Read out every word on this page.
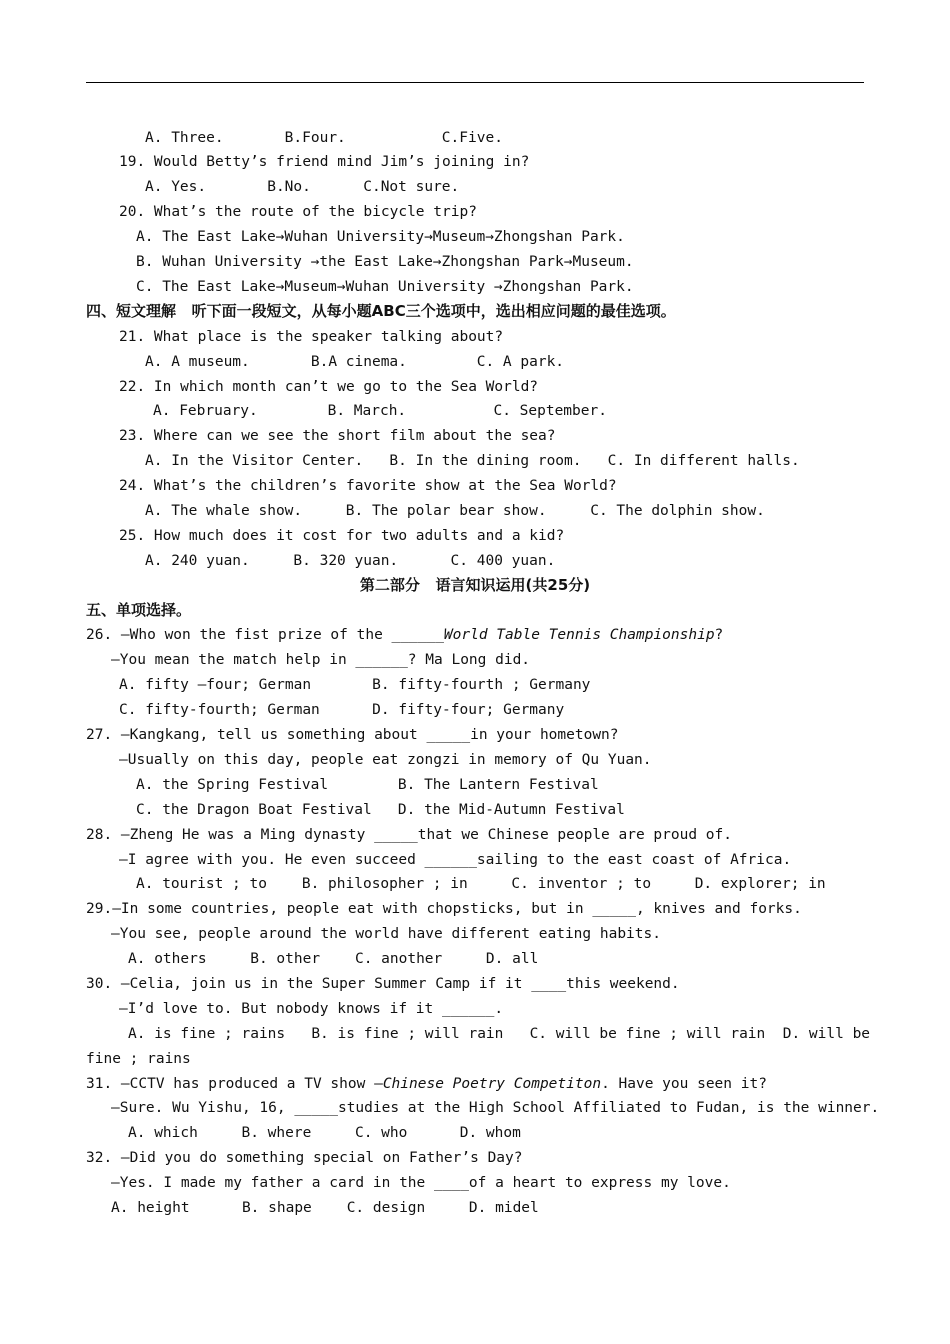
A. Three.       B.Four.           C.Five.
19. Would Betty’s friend mind Jim’s joining in?
A. Yes.       B.No.      C.Not sure.
20. What’s the route of the bicycle trip?
A. The East Lake→Wuhan University→Museum→Zhongshan Park.
B. Wuhan University →the East Lake→Zhongshan Park→Museum.
C. The East Lake→Museum→Wuhan University →Zhongshan Park.
四、短文理解   听下面一段短文，从每小题ABC三个选项中，选出相应问题的最佳选项。
21. What place is the speaker talking about?
A. A museum.       B.A cinema.        C. A park.
22. In which month can’t we go to the Sea World?
A. February.        B. March.          C. September.
23. Where can we see the short film about the sea?
A. In the Visitor Center.   B. In the dining room.   C. In different halls.
24. What’s the children’s favorite show at the Sea World?
A. The whale show.     B. The polar bear show.     C. The dolphin show.
25. How much does it cost for two adults and a kid?
A. 240 yuan.     B. 320 yuan.      C. 400 yuan.
第二部分   语言知识运用(共25分)
五、单项选择。
26. —Who won the fist prize of the ______World Table Tennis Championship?
—You mean the match help in ______? Ma Long did.
A. fifty –four; German       B. fifty-fourth ; Germany
C. fifty-fourth; German      D. fifty-four; Germany
27. —Kangkang, tell us something about _____in your hometown?
—Usually on this day, people eat zongzi in memory of Qu Yuan.
A. the Spring Festival        B. The Lantern Festival
C. the Dragon Boat Festival   D. the Mid-Autumn Festival
28. —Zheng He was a Ming dynasty _____that we Chinese people are proud of.
—I agree with you. He even succeed ______sailing to the east coast of Africa.
A. tourist ; to    B. philosopher ; in     C. inventor ; to     D. explorer; in
29.—In some countries, people eat with chopsticks, but in _____, knives and forks.
—You see, people around the world have different eating habits.
A. others     B. other    C. another     D. all
30. —Celia, join us in the Super Summer Camp if it ____this weekend.
—I’d love to. But nobody knows if it ______.
A. is fine ; rains   B. is fine ; will rain   C. will be fine ; will rain  D. will be
fine ; rains
31. —CCTV has produced a TV show —Chinese Poetry Competiton. Have you seen it?
—Sure. Wu Yishu, 16, _____studies at the High School Affiliated to Fudan, is the winner.
A. which     B. where     C. who      D. whom
32. —Did you do something special on Father’s Day?
—Yes. I made my father a card in the ____of a heart to express my love.
A. height      B. shape    C. design     D. midel
